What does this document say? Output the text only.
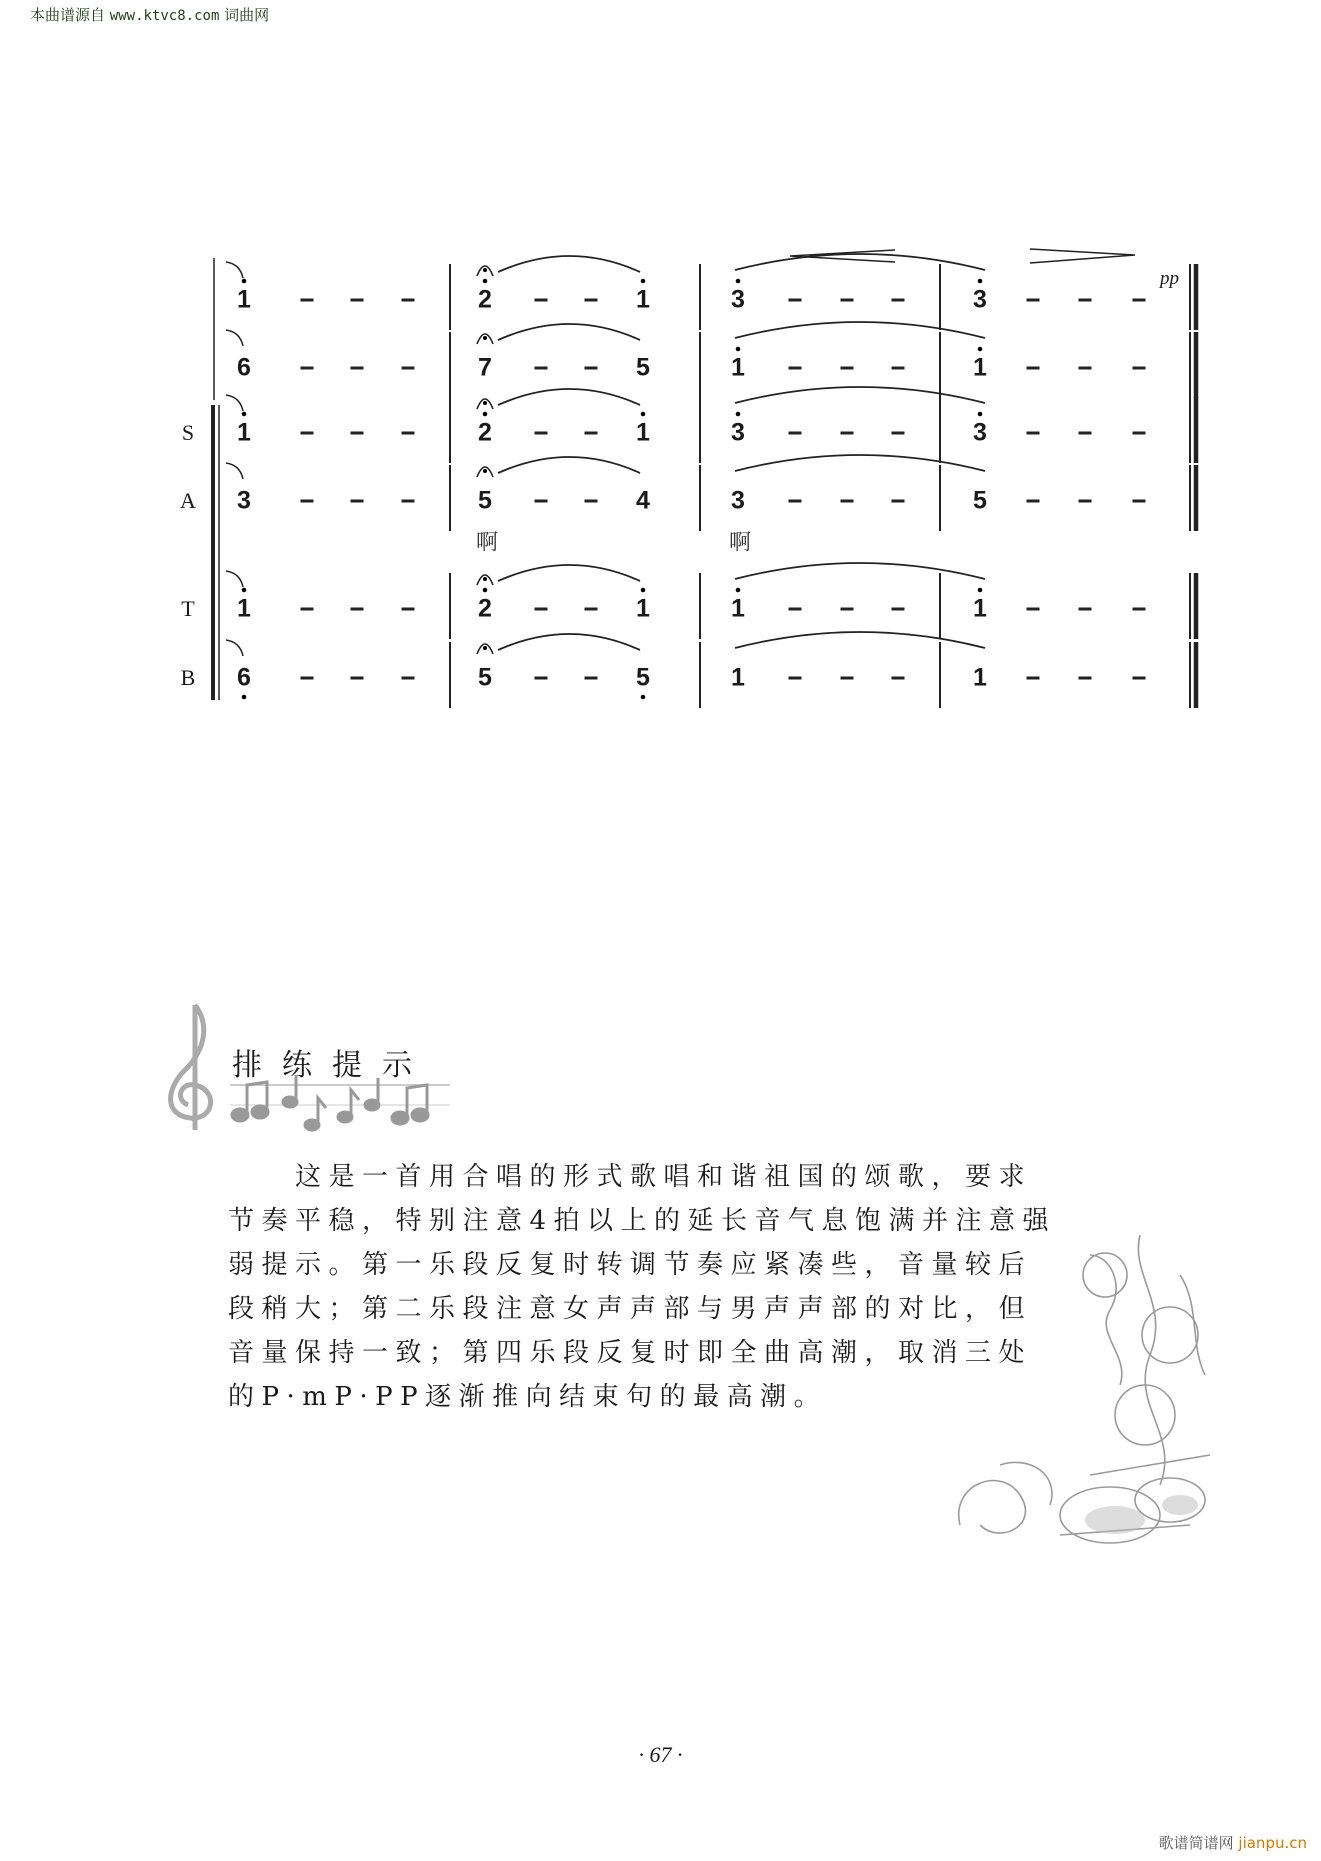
本曲谱源自 www.ktvc8.com 词曲网
pp
啊	啊
1	2	1	3	3
6	7	5	1	1
S 1	2	1	3	3
A 3	5	4	3	5
T 1	2	1	1	1
B 6	5	5	1	1
排练提示

　　这是一首用合唱的形式歌唱和谐祖国的颂歌，要求

节奏平稳，特别注意4拍以上的延长音气息饱满并注意强

弱提示。第一乐段反复时转调节奏应紧凑些，音量较后

段稍大；第二乐段注意女声声部与男声声部的对比，但

音量保持一致；第四乐段反复时即全曲高潮，取消三处

的P·mP·PP逐渐推向结束句的最高潮。

· 67 ·
歌谱简谱网 jianpu.cn
